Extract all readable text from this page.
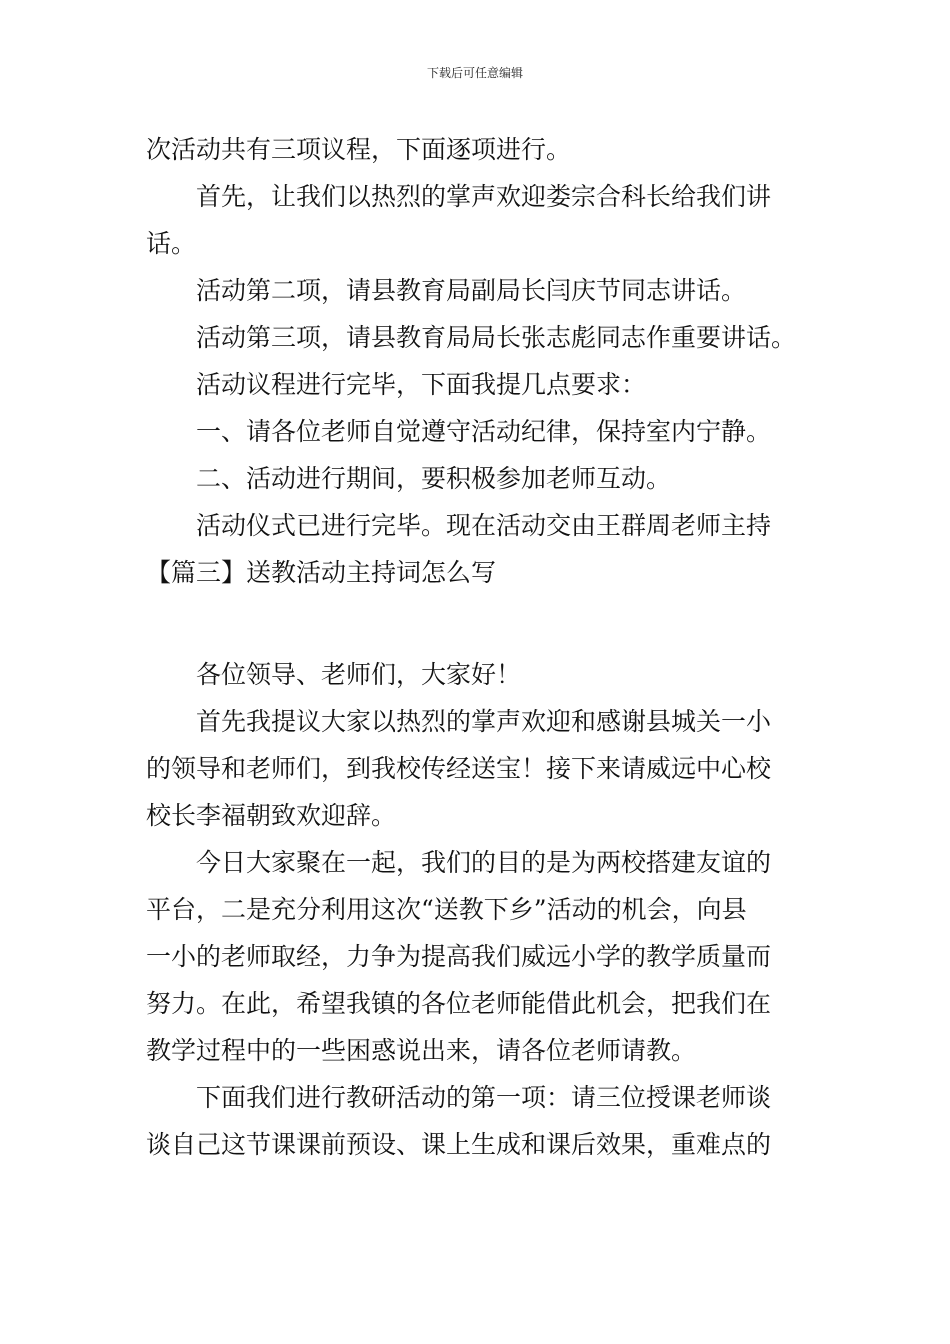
下载后可任意编辑
次活动共有三项议程，下面逐项进行。
首先，让我们以热烈的掌声欢迎娄宗合科长给我们讲
话。
活动第二项，请县教育局副局长闫庆节同志讲话。
活动第三项，请县教育局局长张志彪同志作重要讲话。
活动议程进行完毕，下面我提几点要求：
一、请各位老师自觉遵守活动纪律，保持室内宁静。
二、活动进行期间，要积极参加老师互动。
活动仪式已进行完毕。现在活动交由王群周老师主持
【篇三】送教活动主持词怎么写
各位领导、老师们，大家好！
首先我提议大家以热烈的掌声欢迎和感谢县城关一小
的领导和老师们，到我校传经送宝！接下来请威远中心校
校长李福朝致欢迎辞。
今日大家聚在一起，我们的目的是为两校搭建友谊的
平台，二是充分利用这次“送教下乡”活动的机会，向县
一小的老师取经，力争为提高我们威远小学的教学质量而
努力。在此，希望我镇的各位老师能借此机会，把我们在
教学过程中的一些困惑说出来，请各位老师请教。
下面我们进行教研活动的第一项：请三位授课老师谈
谈自己这节课课前预设、课上生成和课后效果，重难点的
